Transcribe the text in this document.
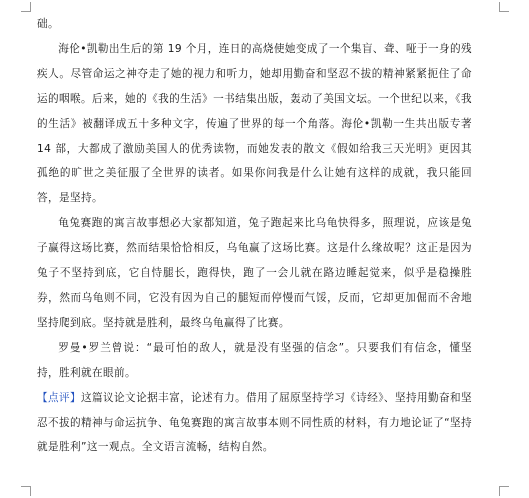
础。

海伦•凯勒出生后的第 19 个月，连日的高烧使她变成了一个集盲、聋、哑于一身的残疾人。尽管命运之神夺走了她的视力和听力，她却用勤奋和坚忍不拔的精神紧紧扼住了命运的咽喉。后来，她的《我的生活》一书结集出版，轰动了美国文坛。一个世纪以来，《我的生活》被翻译成五十多种文字，传遍了世界的每一个角落。海伦•凯勒一生共出版专著 14 部，大都成了激励美国人的优秀读物，而她发表的散文《假如给我三天光明》更因其孤绝的旷世之美征服了全世界的读者。如果你问我是什么让她有这样的成就，我只能回答，是坚持。

龟兔赛跑的寓言故事想必大家都知道，兔子跑起来比乌龟快得多，照理说，应该是兔子赢得这场比赛，然而结果恰恰相反，乌龟赢了这场比赛。这是什么缘故呢？这正是因为兔子不坚持到底，它自恃腿长，跑得快，跑了一会儿就在路边睡起觉来，似乎是稳操胜券，然而乌龟则不同，它没有因为自己的腿短而停慢而气馁，反而，它却更加倔而不舍地坚持爬到底。坚持就是胜利，最终乌龟赢得了比赛。

罗曼•罗兰曾说：“最可怕的敌人，就是没有坚强的信念”。只要我们有信念，懂坚持，胜利就在眼前。

【点评】这篇议论文论据丰富，论述有力。借用了屈原坚持学习《诗经》、坚持用勤奋和坚忍不拔的精神与命运抗争、龟兔赛跑的寓言故事本则不同性质的材料，有力地论证了“坚持就是胜利”这一观点。全文语言流畅，结构自然。
